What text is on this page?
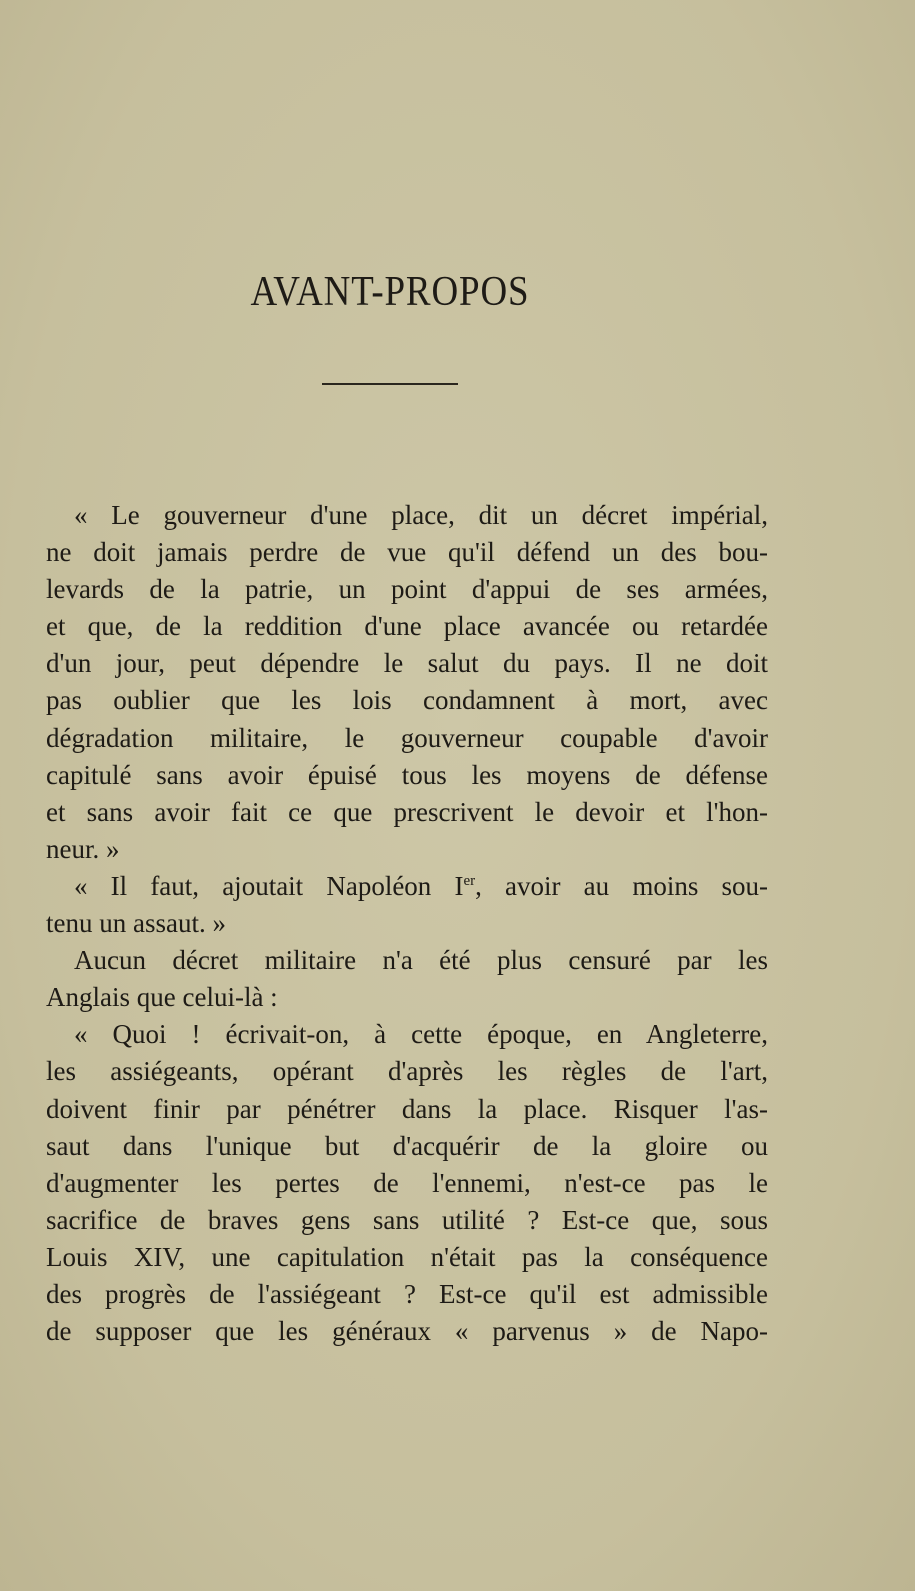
AVANT-PROPOS
« Le gouverneur d'une place, dit un décret impérial,
ne doit jamais perdre de vue qu'il défend un des bou-
levards de la patrie, un point d'appui de ses armées,
et que, de la reddition d'une place avancée ou retardée
d'un jour, peut dépendre le salut du pays. Il ne doit
pas oublier que les lois condamnent à mort, avec
dégradation militaire, le gouverneur coupable d'avoir
capitulé sans avoir épuisé tous les moyens de défense
et sans avoir fait ce que prescrivent le devoir et l'hon-
neur. »
« Il faut, ajoutait Napoléon Ier, avoir au moins sou-
tenu un assaut. »
Aucun décret militaire n'a été plus censuré par les
Anglais que celui-là :
« Quoi ! écrivait-on, à cette époque, en Angleterre,
les assiégeants, opérant d'après les règles de l'art,
doivent finir par pénétrer dans la place. Risquer l'as-
saut dans l'unique but d'acquérir de la gloire ou
d'augmenter les pertes de l'ennemi, n'est-ce pas le
sacrifice de braves gens sans utilité ? Est-ce que, sous
Louis XIV, une capitulation n'était pas la conséquence
des progrès de l'assiégeant ? Est-ce qu'il est admissible
de supposer que les généraux « parvenus » de Napo-
